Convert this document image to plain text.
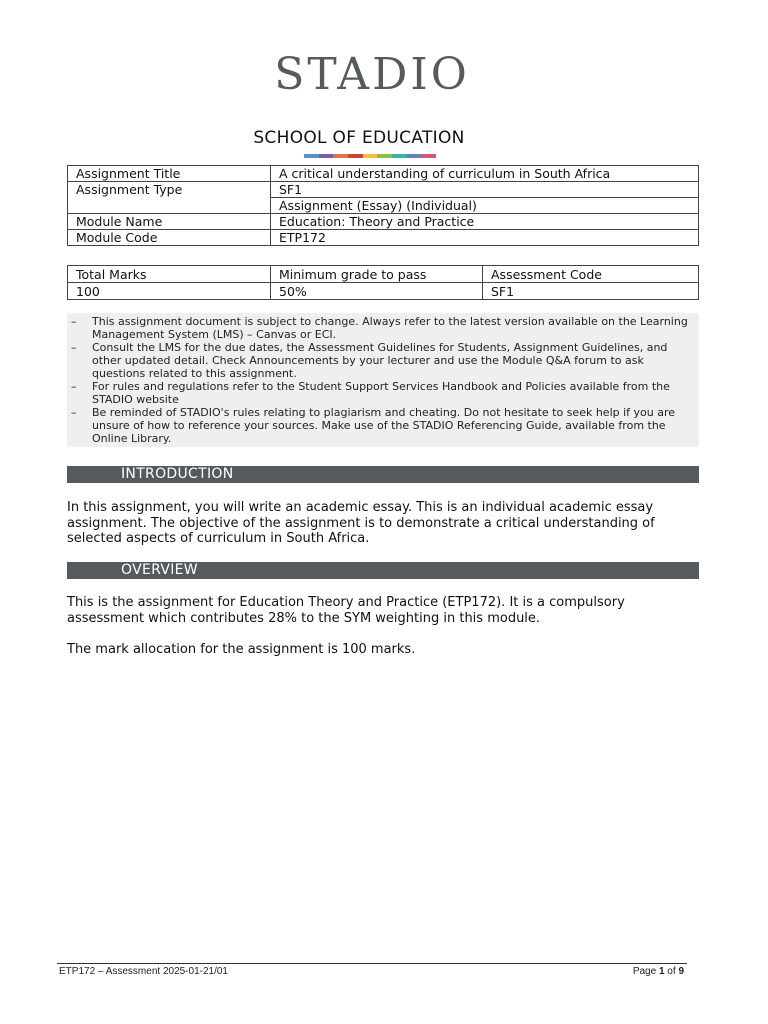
STADIO
SCHOOL OF EDUCATION
Assignment Title	A critical understanding of curriculum in South Africa
Assignment Type	SF1
	Assignment (Essay) (Individual)
Module Name	Education: Theory and Practice
Module Code	ETP172
Total Marks	Minimum grade to pass	Assessment Code
100	50%	SF1
– This assignment document is subject to change. Always refer to the latest version available on the Learning Management System (LMS) – Canvas or ECI.
– Consult the LMS for the due dates, the Assessment Guidelines for Students, Assignment Guidelines, and other updated detail. Check Announcements by your lecturer and use the Module Q&A forum to ask questions related to this assignment.
– For rules and regulations refer to the Student Support Services Handbook and Policies available from the STADIO website
– Be reminded of STADIO's rules relating to plagiarism and cheating. Do not hesitate to seek help if you are unsure of how to reference your sources. Make use of the STADIO Referencing Guide, available from the Online Library.
INTRODUCTION
In this assignment, you will write an academic essay. This is an individual academic essay assignment. The objective of the assignment is to demonstrate a critical understanding of selected aspects of curriculum in South Africa.
OVERVIEW
This is the assignment for Education Theory and Practice (ETP172). It is a compulsory assessment which contributes 28% to the SYM weighting in this module.
The mark allocation for the assignment is 100 marks.
ETP172 – Assessment 2025-01-21/01	Page 1 of 9
